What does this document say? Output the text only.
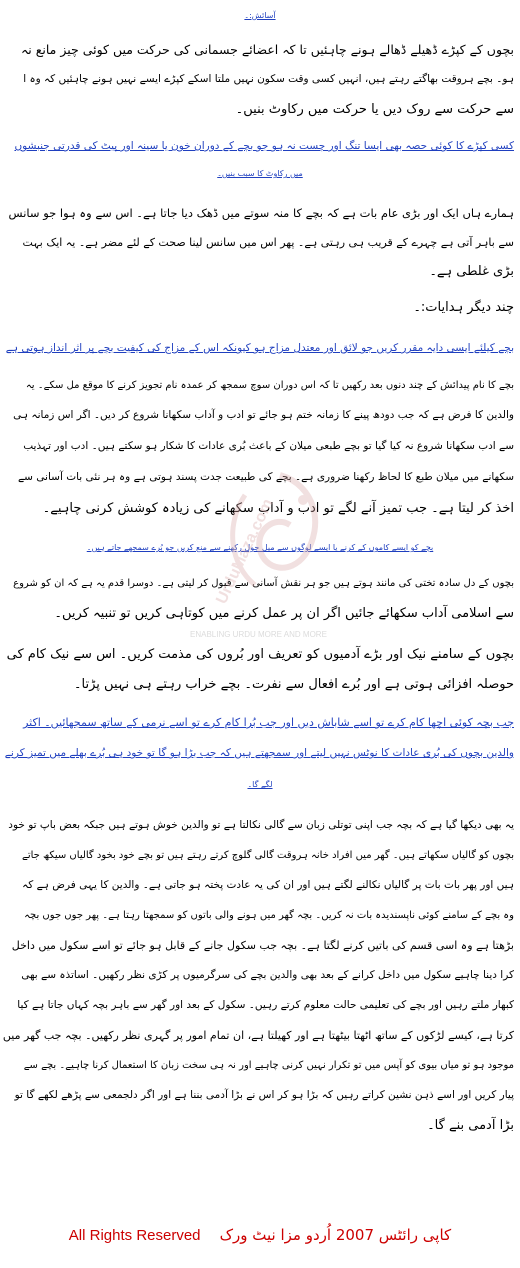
آسائش:۔
بچوں کے کپڑے ڈھیلے ڈھالے ہونے چاہئیں تا کہ اعضائے جسمانی کی حرکت میں کوئی چیز مانع نہ
ہو۔ بچے ہروقت بھاگتے رہتے ہیں، انہیں کسی وقت سکون نہیں ملتا اسکے کپڑے ایسے نہیں ہونے چاہئیں کہ وہ ا
سے حرکت سے روک دیں یا حرکت میں رکاوٹ بنیں۔
کسی کپڑے کا کوئی حصہ بھی ایسا تنگ اور چست نہ ہو جو بچے کے دوران خون یا سینہ اور پیٹ کی قدرتی جنبشوں
میں رکاوٹ کا سبب بنیں۔
ہمارے ہاں ایک اور بڑی عام بات ہے کہ بچے کا منہ سوتے میں ڈھک دیا جاتا ہے۔ اس سے وہ ہوا جو سانس
سے باہر آتی ہے چہرے کے قریب ہی رہتی ہے۔ پھر اس میں سانس لینا صحت کے لئے مضر ہے۔ یہ ایک بہت
بڑی غلطی ہے۔
چند دیگر ہدایات:۔
بچے کیلئے ایسی دایہ مقرر کریں جو لائق اور معتدل مزاج ہو کیونکہ اس کے مزاج کی کیفیت بچے پر اثر انداز ہوتی ہے
بچے کا نام پیدائش کے چند دنوں بعد رکھیں تا کہ اس دوران سوچ سمجھ کر عمدہ نام تجویز کرنے کا موقع مل سکے۔ یہ
والدین کا فرض ہے کہ جب دودھ پینے کا زمانہ ختم ہو جائے تو ادب و آداب سکھانا شروع کر دیں۔ اگر اس زمانہ ہی
سے ادب سکھانا شروع نہ کیا گیا تو بچے طبعی میلان کے باعث بُری عادات کا شکار ہو سکتے ہیں۔ ادب اور تہذیب
سکھانے میں میلان طبع کا لحاظ رکھنا ضروری ہے۔ بچے کی طبیعت جدت پسند ہوتی ہے وہ ہر نئی بات آسانی سے
اخذ کر لیتا ہے۔ جب تمیز آنے لگے تو ادب و آداب سکھانے کی زیادہ کوشش کرنی چاہیے۔
بچے کو ایسے کاموں کے کرنے یا ایسے لوگوں سے میل جول رکھنے سے منع کریں جو بُرے سمجھے جاتے ہیں۔
بچوں کے دل سادہ تختی کی مانند ہوتے ہیں جو ہر نقش آسانی سے قبول کر لیتی ہے۔ دوسرا قدم یہ ہے کہ ان کو شروع
سے اسلامی آداب سکھائے جائیں اگر ان پر عمل کرنے میں کوتاہی کریں تو تنبیہ کریں۔
بچوں کے سامنے نیک اور بڑے آدمیوں کو تعریف اور بُروں کی مذمت کریں۔ اس سے نیک کام کی
حوصلہ افزائی ہوتی ہے اور بُرے افعال سے نفرت۔ بچے خراب رہتے ہی نہیں پڑتا۔
جب بچہ کوئی اچھا کام کرے تو اسے شاباش دیں اور جب بُرا کام کرے تو اسے نرمی کے ساتھ سمجھائیں۔ اکثر
والدین بچوں کی بُری عادات کا نوٹس نہیں لیتے اور سمجھتے ہیں کہ جب بڑا ہو گا تو خود ہی بُرے بھلے میں تمیز کرنے
لگے گا۔
یہ بھی دیکھا گیا ہے کہ بچہ جب اپنی توتلی زبان سے گالی نکالتا ہے تو والدین خوش ہوتے ہیں جبکہ بعض باپ تو خود
بچوں کو گالیاں سکھاتے ہیں۔ گھر میں افراد خانہ ہروقت گالی گلوچ کرتے رہتے ہیں تو بچے خود بخود گالیاں سیکھ جاتے
ہیں اور پھر بات بات پر گالیاں نکالنے لگتے ہیں اور ان کی یہ عادت پختہ ہو جاتی ہے۔ والدین کا یہی فرض ہے کہ
وہ بچے کے سامنے کوئی ناپسندیدہ بات نہ کریں۔ بچہ گھر میں ہونے والی باتوں کو سمجھتا رہتا ہے۔ پھر جوں جوں بچہ
بڑھتا ہے وہ اسی قسم کی باتیں کرنے لگتا ہے۔ بچہ جب سکول جانے کے قابل ہو جائے تو اسے سکول میں داخل
کرا دینا چاہیے سکول میں داخل کرانے کے بعد بھی والدین بچے کی سرگرمیوں پر کڑی نظر رکھیں۔ اساتذہ سے بھی
کبھار ملتے رہیں اور بچے کی تعلیمی حالت معلوم کرتے رہیں۔ سکول کے بعد اور گھر سے باہر بچہ کہاں جاتا ہے کیا
کرتا ہے، کیسے لڑکوں کے ساتھ اٹھتا بیٹھتا ہے اور کھیلتا ہے، ان تمام امور پر گہری نظر رکھیں۔ بچہ جب گھر میں
موجود ہو تو میاں بیوی کو آپس میں تو تکرار نہیں کرنی چاہیے اور نہ ہی سخت زبان کا استعمال کرنا چاہیے۔ بچے سے
پیار کریں اور اسے ذہن نشین کراتے رہیں کہ بڑا ہو کر اس نے بڑا آدمی بننا ہے اور اگر دلجمعی سے پڑھے لکھے گا تو
بڑا آدمی بنے گا۔
UrduMaza.com
ENABLING URDU MORE AND MORE
All Rights Reserved کاپی رائٹس 2007 اُردو مزا نیٹ ورک
